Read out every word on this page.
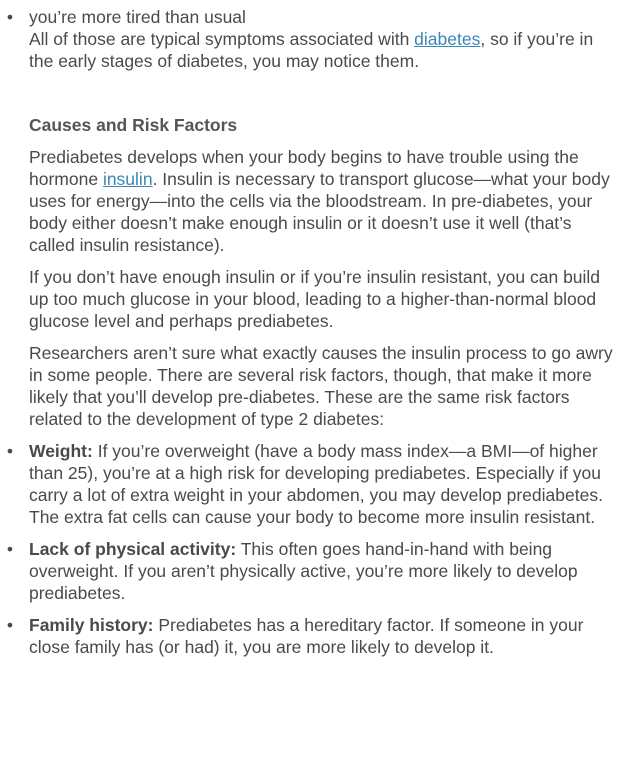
• you’re more tired than usual

All of those are typical symptoms associated with diabetes, so if you’re in the early stages of diabetes, you may notice them.

Causes and Risk Factors

Prediabetes develops when your body begins to have trouble using the hormone insulin. Insulin is necessary to transport glucose—what your body uses for energy—into the cells via the bloodstream. In pre-diabetes, your body either doesn’t make enough insulin or it doesn’t use it well (that’s called insulin resistance).

If you don’t have enough insulin or if you’re insulin resistant, you can build up too much glucose in your blood, leading to a higher-than-normal blood glucose level and perhaps prediabetes.

Researchers aren’t sure what exactly causes the insulin process to go awry in some people. There are several risk factors, though, that make it more likely that you’ll develop pre-diabetes. These are the same risk factors related to the development of type 2 diabetes:

• Weight: If you’re overweight (have a body mass index—a BMI—of higher than 25), you’re at a high risk for developing prediabetes. Especially if you carry a lot of extra weight in your abdomen, you may develop prediabetes. The extra fat cells can cause your body to become more insulin resistant.
• Lack of physical activity: This often goes hand-in-hand with being overweight. If you aren’t physically active, you’re more likely to develop prediabetes.
• Family history: Prediabetes has a hereditary factor. If someone in your close family has (or had) it, you are more likely to develop it.
